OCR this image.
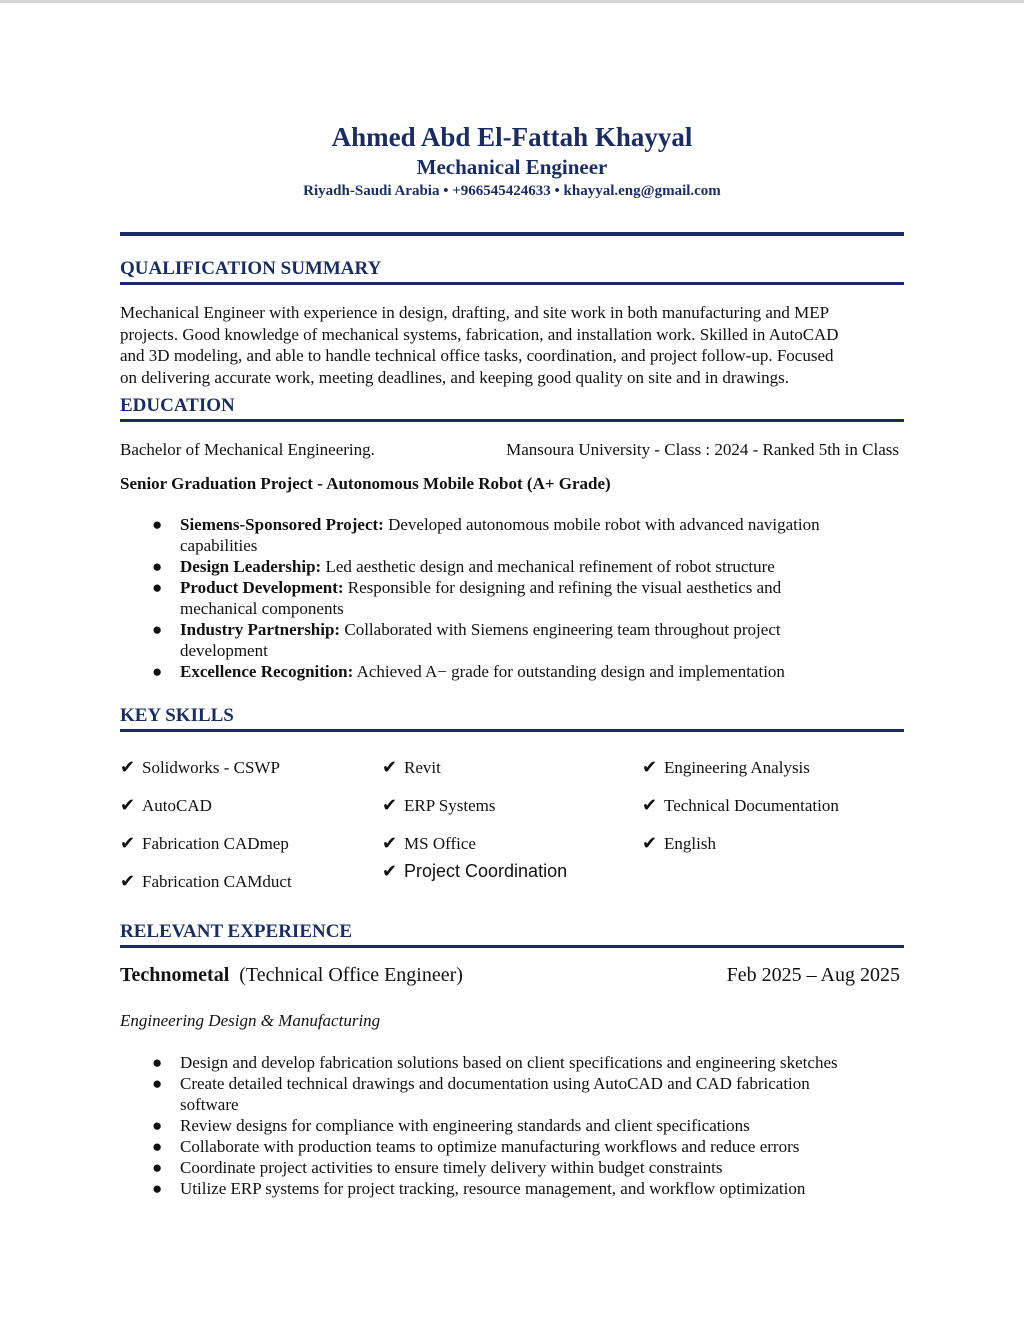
Ahmed Abd El-Fattah Khayyal
Mechanical Engineer
Riyadh-Saudi Arabia • +966545424633 • khayyal.eng@gmail.com
QUALIFICATION SUMMARY
Mechanical Engineer with experience in design, drafting, and site work in both manufacturing and MEP
projects. Good knowledge of mechanical systems, fabrication, and installation work. Skilled in AutoCAD
and 3D modeling, and able to handle technical office tasks, coordination, and project follow-up. Focused
on delivering accurate work, meeting deadlines, and keeping good quality on site and in drawings.
EDUCATION
Bachelor of Mechanical Engineering.	Mansoura University - Class : 2024 - Ranked 5th in Class
Senior Graduation Project - Autonomous Mobile Robot (A+ Grade)
● Siemens-Sponsored Project: Developed autonomous mobile robot with advanced navigation
capabilities
● Design Leadership: Led aesthetic design and mechanical refinement of robot structure
● Product Development: Responsible for designing and refining the visual aesthetics and
mechanical components
● Industry Partnership: Collaborated with Siemens engineering team throughout project
development
● Excellence Recognition: Achieved A− grade for outstanding design and implementation
KEY SKILLS
✔ Solidworks - CSWP
✔ AutoCAD
✔ Fabrication CADmep
✔ Fabrication CAMduct
✔ Revit
✔ ERP Systems
✔ MS Office
✔ Project Coordination
✔ Engineering Analysis
✔ Technical Documentation
✔ English
RELEVANT EXPERIENCE
Technometal (Technical Office Engineer)	Feb 2025 – Aug 2025
Engineering Design & Manufacturing
● Design and develop fabrication solutions based on client specifications and engineering sketches
● Create detailed technical drawings and documentation using AutoCAD and CAD fabrication
software
● Review designs for compliance with engineering standards and client specifications
● Collaborate with production teams to optimize manufacturing workflows and reduce errors
● Coordinate project activities to ensure timely delivery within budget constraints
● Utilize ERP systems for project tracking, resource management, and workflow optimization
